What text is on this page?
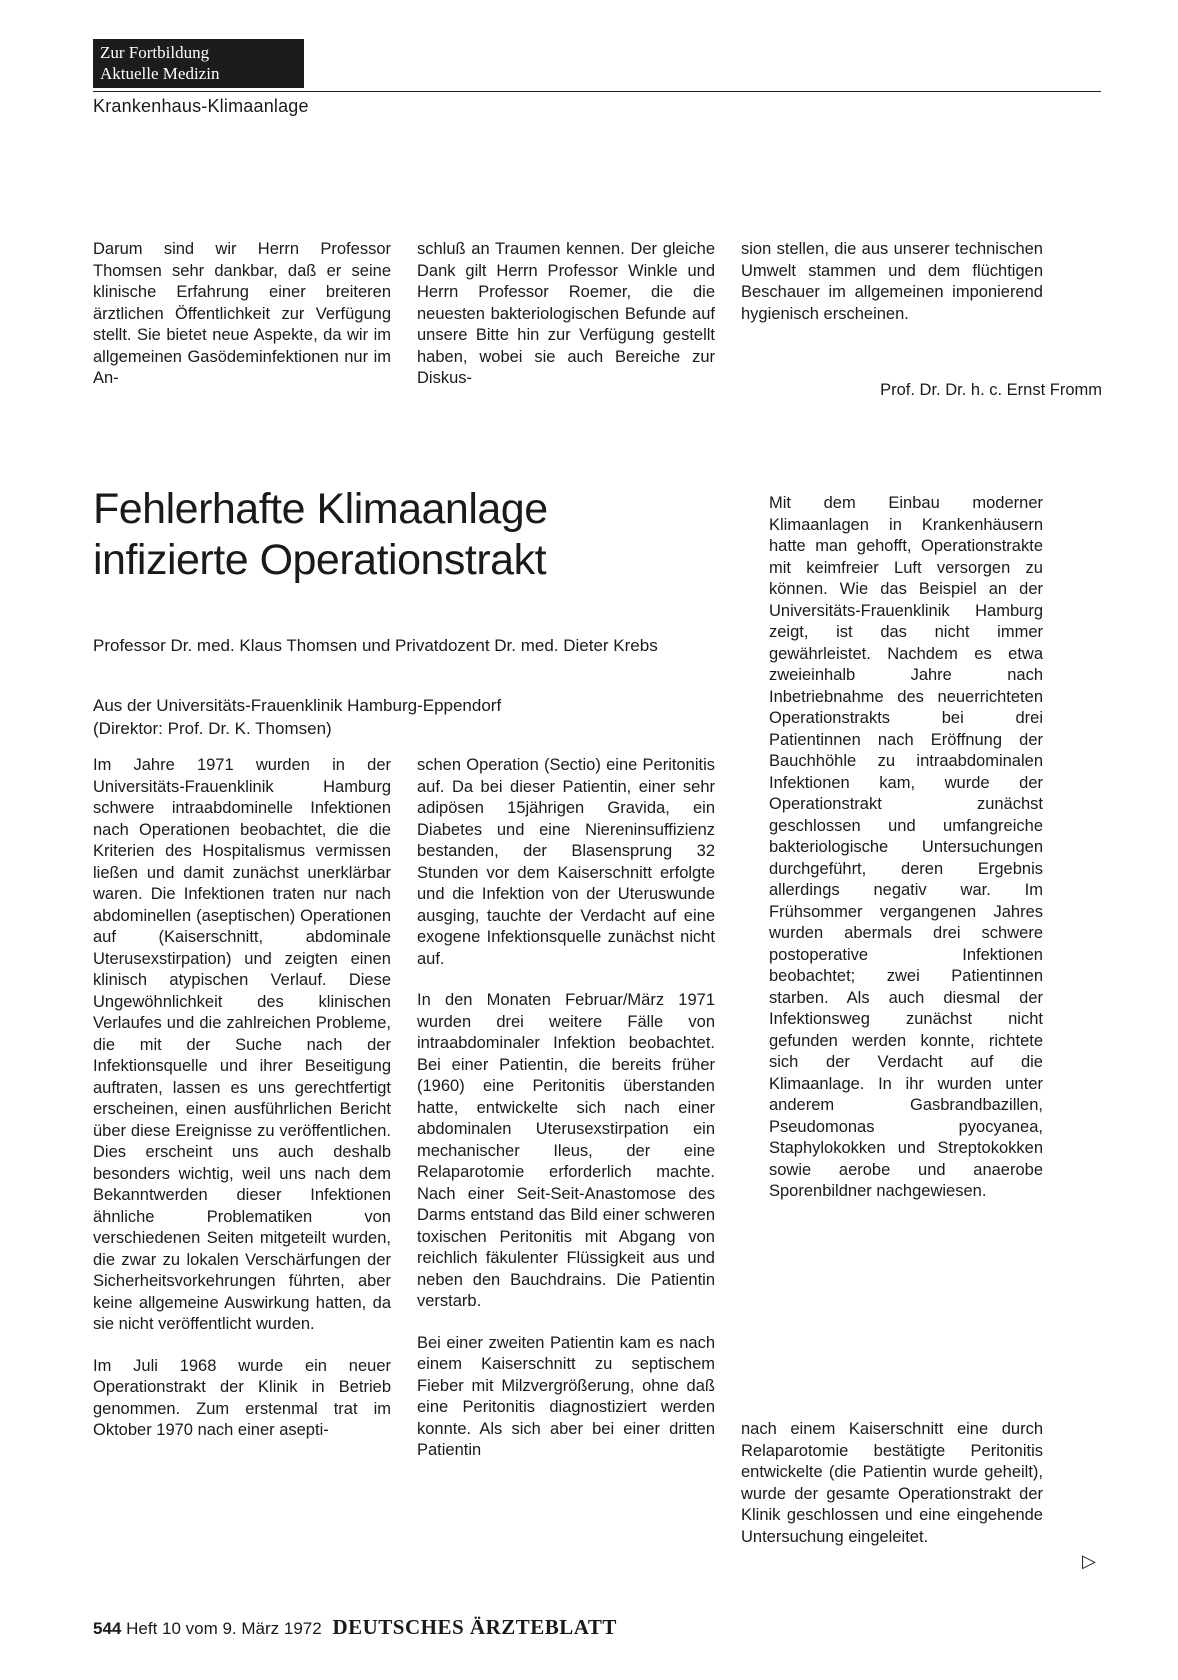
Zur Fortbildung
Aktuelle Medizin
Krankenhaus-Klimaanlage

Darum sind wir Herrn Professor Thomsen sehr dankbar, daß er seine klinische Erfahrung einer breiteren ärztlichen Öffentlichkeit zur Verfügung stellt. Sie bietet neue Aspekte, da wir im allgemeinen Gasödeminfektionen nur im An-

schluß an Traumen kennen. Der gleiche Dank gilt Herrn Professor Winkle und Herrn Professor Roemer, die die neuesten bakteriologischen Befunde auf unsere Bitte hin zur Verfügung gestellt haben, wobei sie auch Bereiche zur Diskus-

sion stellen, die aus unserer technischen Umwelt stammen und dem flüchtigen Beschauer im allgemeinen imponierend hygienisch erscheinen.

Prof. Dr. Dr. h. c. Ernst Fromm
Fehlerhafte Klimaanlage
infizierte Operationstrakt
Professor Dr. med. Klaus Thomsen und Privatdozent Dr. med. Dieter Krebs
Aus der Universitäts-Frauenklinik Hamburg-Eppendorf
(Direktor: Prof. Dr. K. Thomsen)

Mit dem Einbau moderner Klimaanlagen in Krankenhäusern hatte man gehofft, Operationstrakte mit keimfreier Luft versorgen zu können. Wie das Beispiel an der Universitäts-Frauenklinik Hamburg zeigt, ist das nicht immer gewährleistet. Nachdem es etwa zweieinhalb Jahre nach Inbetriebnahme des neuerrichteten Operationstrakts bei drei Patientinnen nach Eröffnung der Bauchhöhle zu intraabdominalen Infektionen kam, wurde der Operationstrakt zunächst geschlossen und umfangreiche bakteriologische Untersuchungen durchgeführt, deren Ergebnis allerdings negativ war. Im Frühsommer vergangenen Jahres wurden abermals drei schwere postoperative Infektionen beobachtet; zwei Patientinnen starben. Als auch diesmal der Infektionsweg zunächst nicht gefunden werden konnte, richtete sich der Verdacht auf die Klimaanlage. In ihr wurden unter anderem Gasbrandbazillen, Pseudomonas pyocyanea, Staphylokokken und Streptokokken sowie aerobe und anaerobe Sporenbildner nachgewiesen.

Im Jahre 1971 wurden in der Universitäts-Frauenklinik Hamburg schwere intraabdominelle Infektionen nach Operationen beobachtet, die die Kriterien des Hospitalismus vermissen ließen und damit zunächst unerklärbar waren. Die Infektionen traten nur nach abdominellen (aseptischen) Operationen auf (Kaiserschnitt, abdominale Uterusexstirpation) und zeigten einen klinisch atypischen Verlauf. Diese Ungewöhnlichkeit des klinischen Verlaufes und die zahlreichen Probleme, die mit der Suche nach der Infektionsquelle und ihrer Beseitigung auftraten, lassen es uns gerechtfertigt erscheinen, einen ausführlichen Bericht über diese Ereignisse zu veröffentlichen. Dies erscheint uns auch deshalb besonders wichtig, weil uns nach dem Bekanntwerden dieser Infektionen ähnliche Problematiken von verschiedenen Seiten mitgeteilt wurden, die zwar zu lokalen Verschärfungen der Sicherheitsvorkehrungen führten, aber keine allgemeine Auswirkung hatten, da sie nicht veröffentlicht wurden.

Im Juli 1968 wurde ein neuer Operationstrakt der Klinik in Betrieb genommen. Zum erstenmal trat im Oktober 1970 nach einer asepti-

schen Operation (Sectio) eine Peritonitis auf. Da bei dieser Patientin, einer sehr adipösen 15jährigen Gravida, ein Diabetes und eine Niereninsuffizienz bestanden, der Blasensprung 32 Stunden vor dem Kaiserschnitt erfolgte und die Infektion von der Uteruswunde ausging, tauchte der Verdacht auf eine exogene Infektionsquelle zunächst nicht auf.

In den Monaten Februar/März 1971 wurden drei weitere Fälle von intraabdominaler Infektion beobachtet. Bei einer Patientin, die bereits früher (1960) eine Peritonitis überstanden hatte, entwickelte sich nach einer abdominalen Uterusexstirpation ein mechanischer Ileus, der eine Relaparotomie erforderlich machte. Nach einer Seit-Seit-Anastomose des Darms entstand das Bild einer schweren toxischen Peritonitis mit Abgang von reichlich fäkulenter Flüssigkeit aus und neben den Bauchdrains. Die Patientin verstarb.

Bei einer zweiten Patientin kam es nach einem Kaiserschnitt zu septischem Fieber mit Milzvergrößerung, ohne daß eine Peritonitis diagnostiziert werden konnte. Als sich aber bei einer dritten Patientin

nach einem Kaiserschnitt eine durch Relaparotomie bestätigte Peritonitis entwickelte (die Patientin wurde geheilt), wurde der gesamte Operationstrakt der Klinik geschlossen und eine eingehende Untersuchung eingeleitet.

▷
544 Heft 10 vom 9. März 1972 DEUTSCHES ÄRZTEBLATT
